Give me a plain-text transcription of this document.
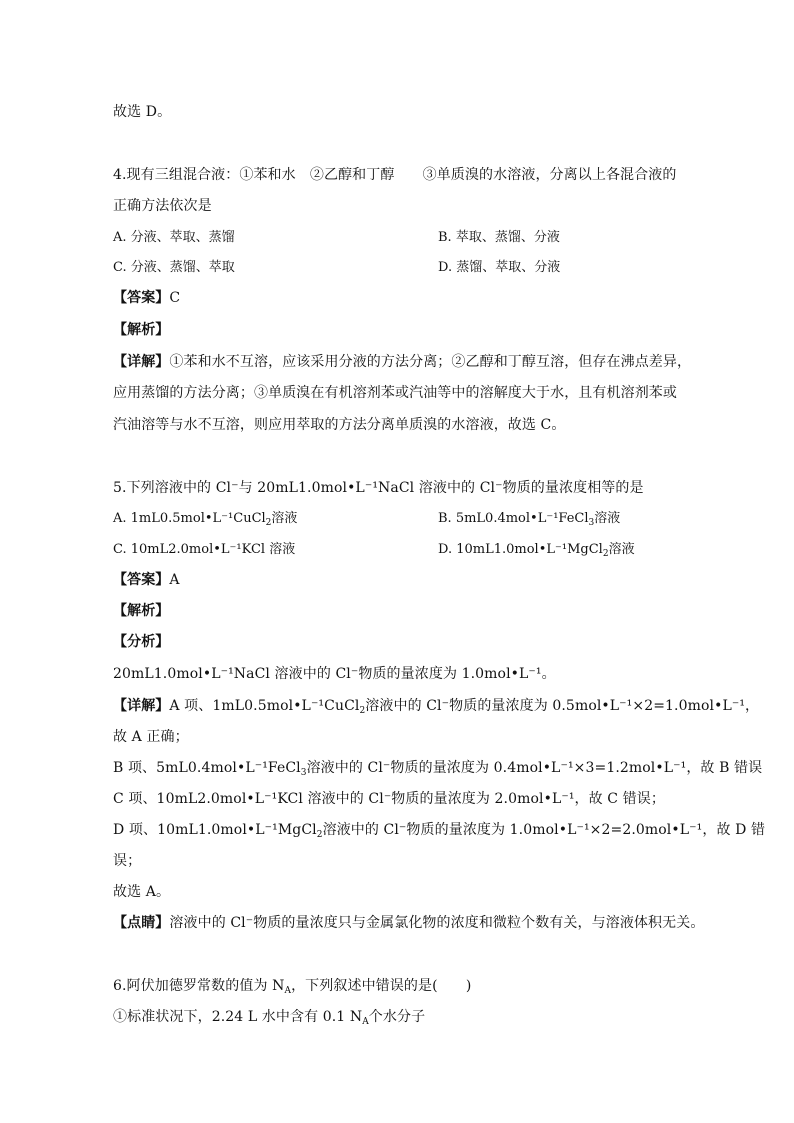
故选 D。

4.现有三组混合液：①苯和水　②乙醇和丁醇　　③单质溴的水溶液，分离以上各混合液的

正确方法依次是

A. 分液、萃取、蒸馏	B. 萃取、蒸馏、分液

C. 分液、蒸馏、萃取	D. 蒸馏、萃取、分液

【答案】C

【解析】

【详解】①苯和水不互溶，应该采用分液的方法分离；②乙醇和丁醇互溶，但存在沸点差异，

应用蒸馏的方法分离；③单质溴在有机溶剂苯或汽油等中的溶解度大于水，且有机溶剂苯或

汽油溶等与水不互溶，则应用萃取的方法分离单质溴的水溶液，故选 C。

5.下列溶液中的 Cl⁻与 20mL1.0mol•L⁻¹NaCl 溶液中的 Cl⁻物质的量浓度相等的是

A. 1mL0.5mol•L⁻¹CuCl$_2$溶液	B. 5mL0.4mol•L⁻¹FeCl$_3$溶液

C. 10mL2.0mol•L⁻¹KCl 溶液	D. 10mL1.0mol•L⁻¹MgCl$_2$溶液

【答案】A

【解析】

【分析】

20mL1.0mol•L⁻¹NaCl 溶液中的 Cl⁻物质的量浓度为 1.0mol•L⁻¹。

【详解】A 项、1mL0.5mol•L⁻¹CuCl$_2$溶液中的 Cl⁻物质的量浓度为 0.5mol•L⁻¹×2=1.0mol•L⁻¹，

故 A 正确；

B 项、5mL0.4mol•L⁻¹FeCl$_3$溶液中的 Cl⁻物质的量浓度为 0.4mol•L⁻¹×3=1.2mol•L⁻¹，故 B 错误

C 项、10mL2.0mol•L⁻¹KCl 溶液中的 Cl⁻物质的量浓度为 2.0mol•L⁻¹，故 C 错误；

D 项、10mL1.0mol•L⁻¹MgCl$_2$溶液中的 Cl⁻物质的量浓度为 1.0mol•L⁻¹×2=2.0mol•L⁻¹，故 D 错

误；

故选 A。

【点睛】溶液中的 Cl⁻物质的量浓度只与金属氯化物的浓度和微粒个数有关，与溶液体积无关。

6.阿伏加德罗常数的值为 $N_A$，下列叙述中错误的是(　　)

①标准状况下，2.24 L 水中含有 0.1 $N_A$个水分子
